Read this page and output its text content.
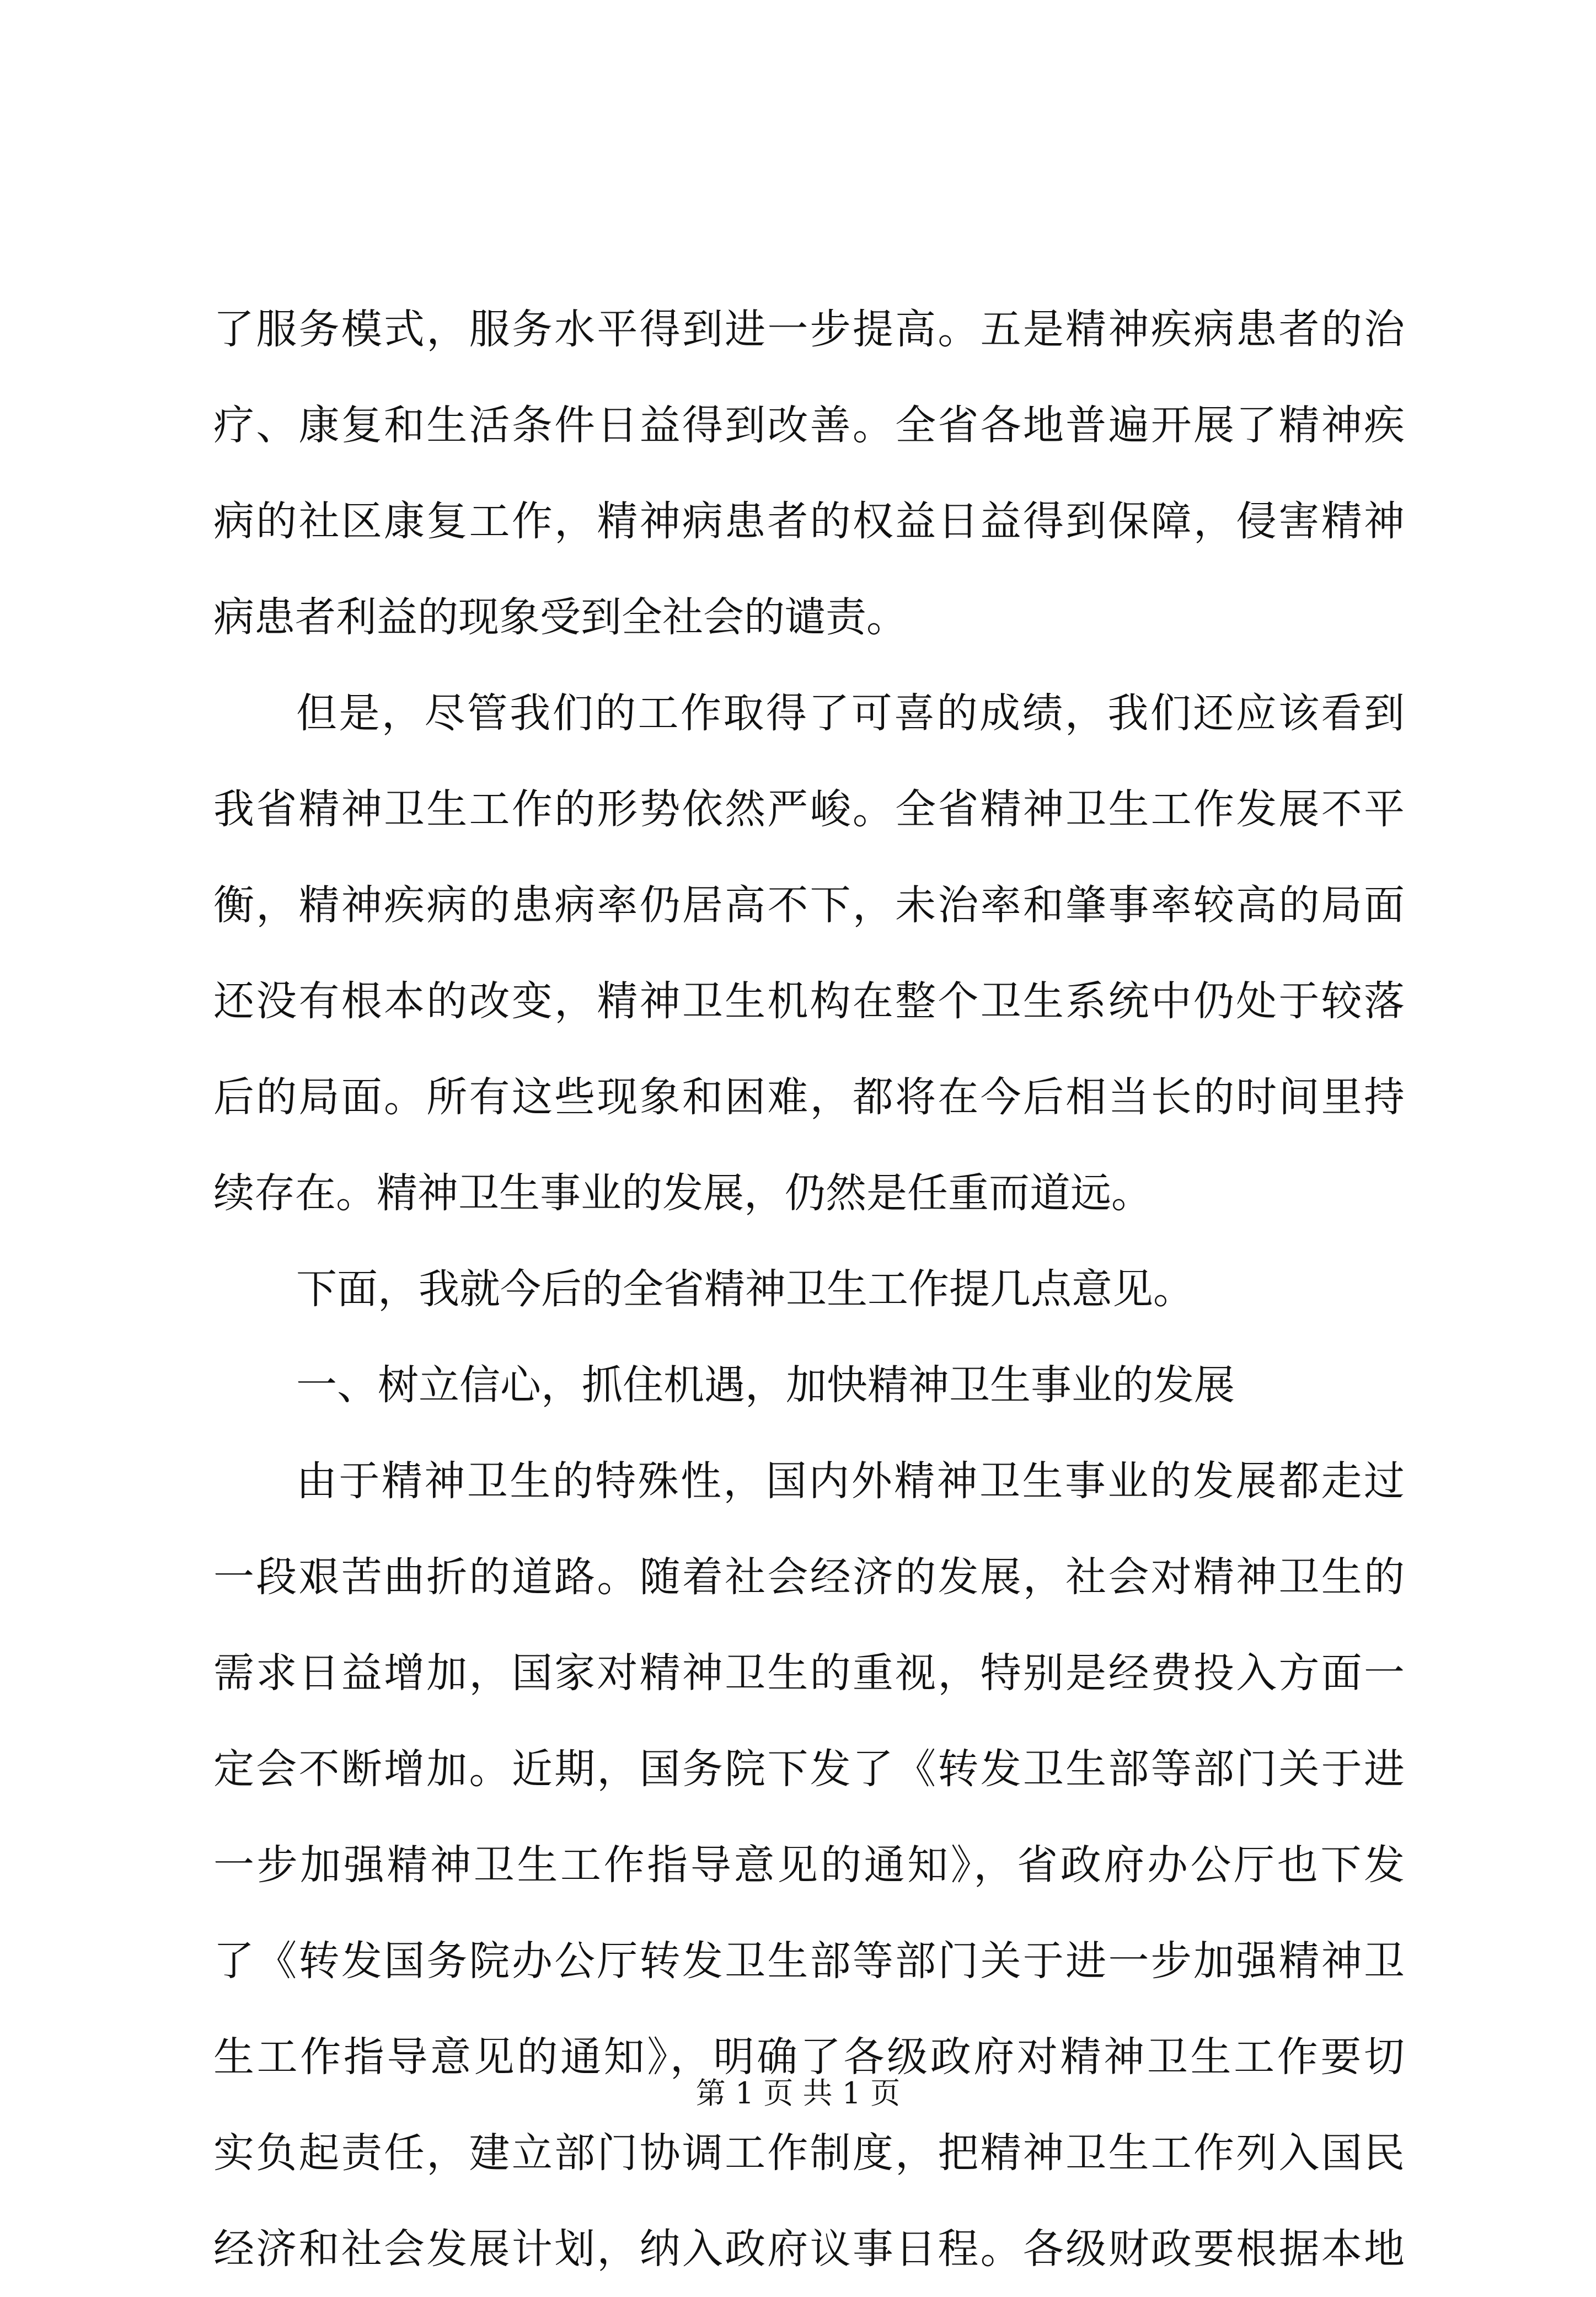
了服务模式，服务水平得到进一步提高。五是精神疾病患者的治
疗、康复和生活条件日益得到改善。全省各地普遍开展了精神疾
病的社区康复工作，精神病患者的权益日益得到保障，侵害精神
病患者利益的现象受到全社会的谴责。
但是，尽管我们的工作取得了可喜的成绩，我们还应该看到
我省精神卫生工作的形势依然严峻。全省精神卫生工作发展不平
衡，精神疾病的患病率仍居高不下，未治率和肇事率较高的局面
还没有根本的改变，精神卫生机构在整个卫生系统中仍处于较落
后的局面。所有这些现象和困难，都将在今后相当长的时间里持
续存在。精神卫生事业的发展，仍然是任重而道远。
下面，我就今后的全省精神卫生工作提几点意见。
一、树立信心，抓住机遇，加快精神卫生事业的发展
由于精神卫生的特殊性，国内外精神卫生事业的发展都走过
一段艰苦曲折的道路。随着社会经济的发展，社会对精神卫生的
需求日益增加，国家对精神卫生的重视，特别是经费投入方面一
定会不断增加。近期，国务院下发了《转发卫生部等部门关于进
一步加强精神卫生工作指导意见的通知》，省政府办公厅也下发
了《转发国务院办公厅转发卫生部等部门关于进一步加强精神卫
生工作指导意见的通知》，明确了各级政府对精神卫生工作要切
实负起责任，建立部门协调工作制度，把精神卫生工作列入国民
经济和社会发展计划，纳入政府议事日程。各级财政要根据本地
第 1 页 共 1 页
